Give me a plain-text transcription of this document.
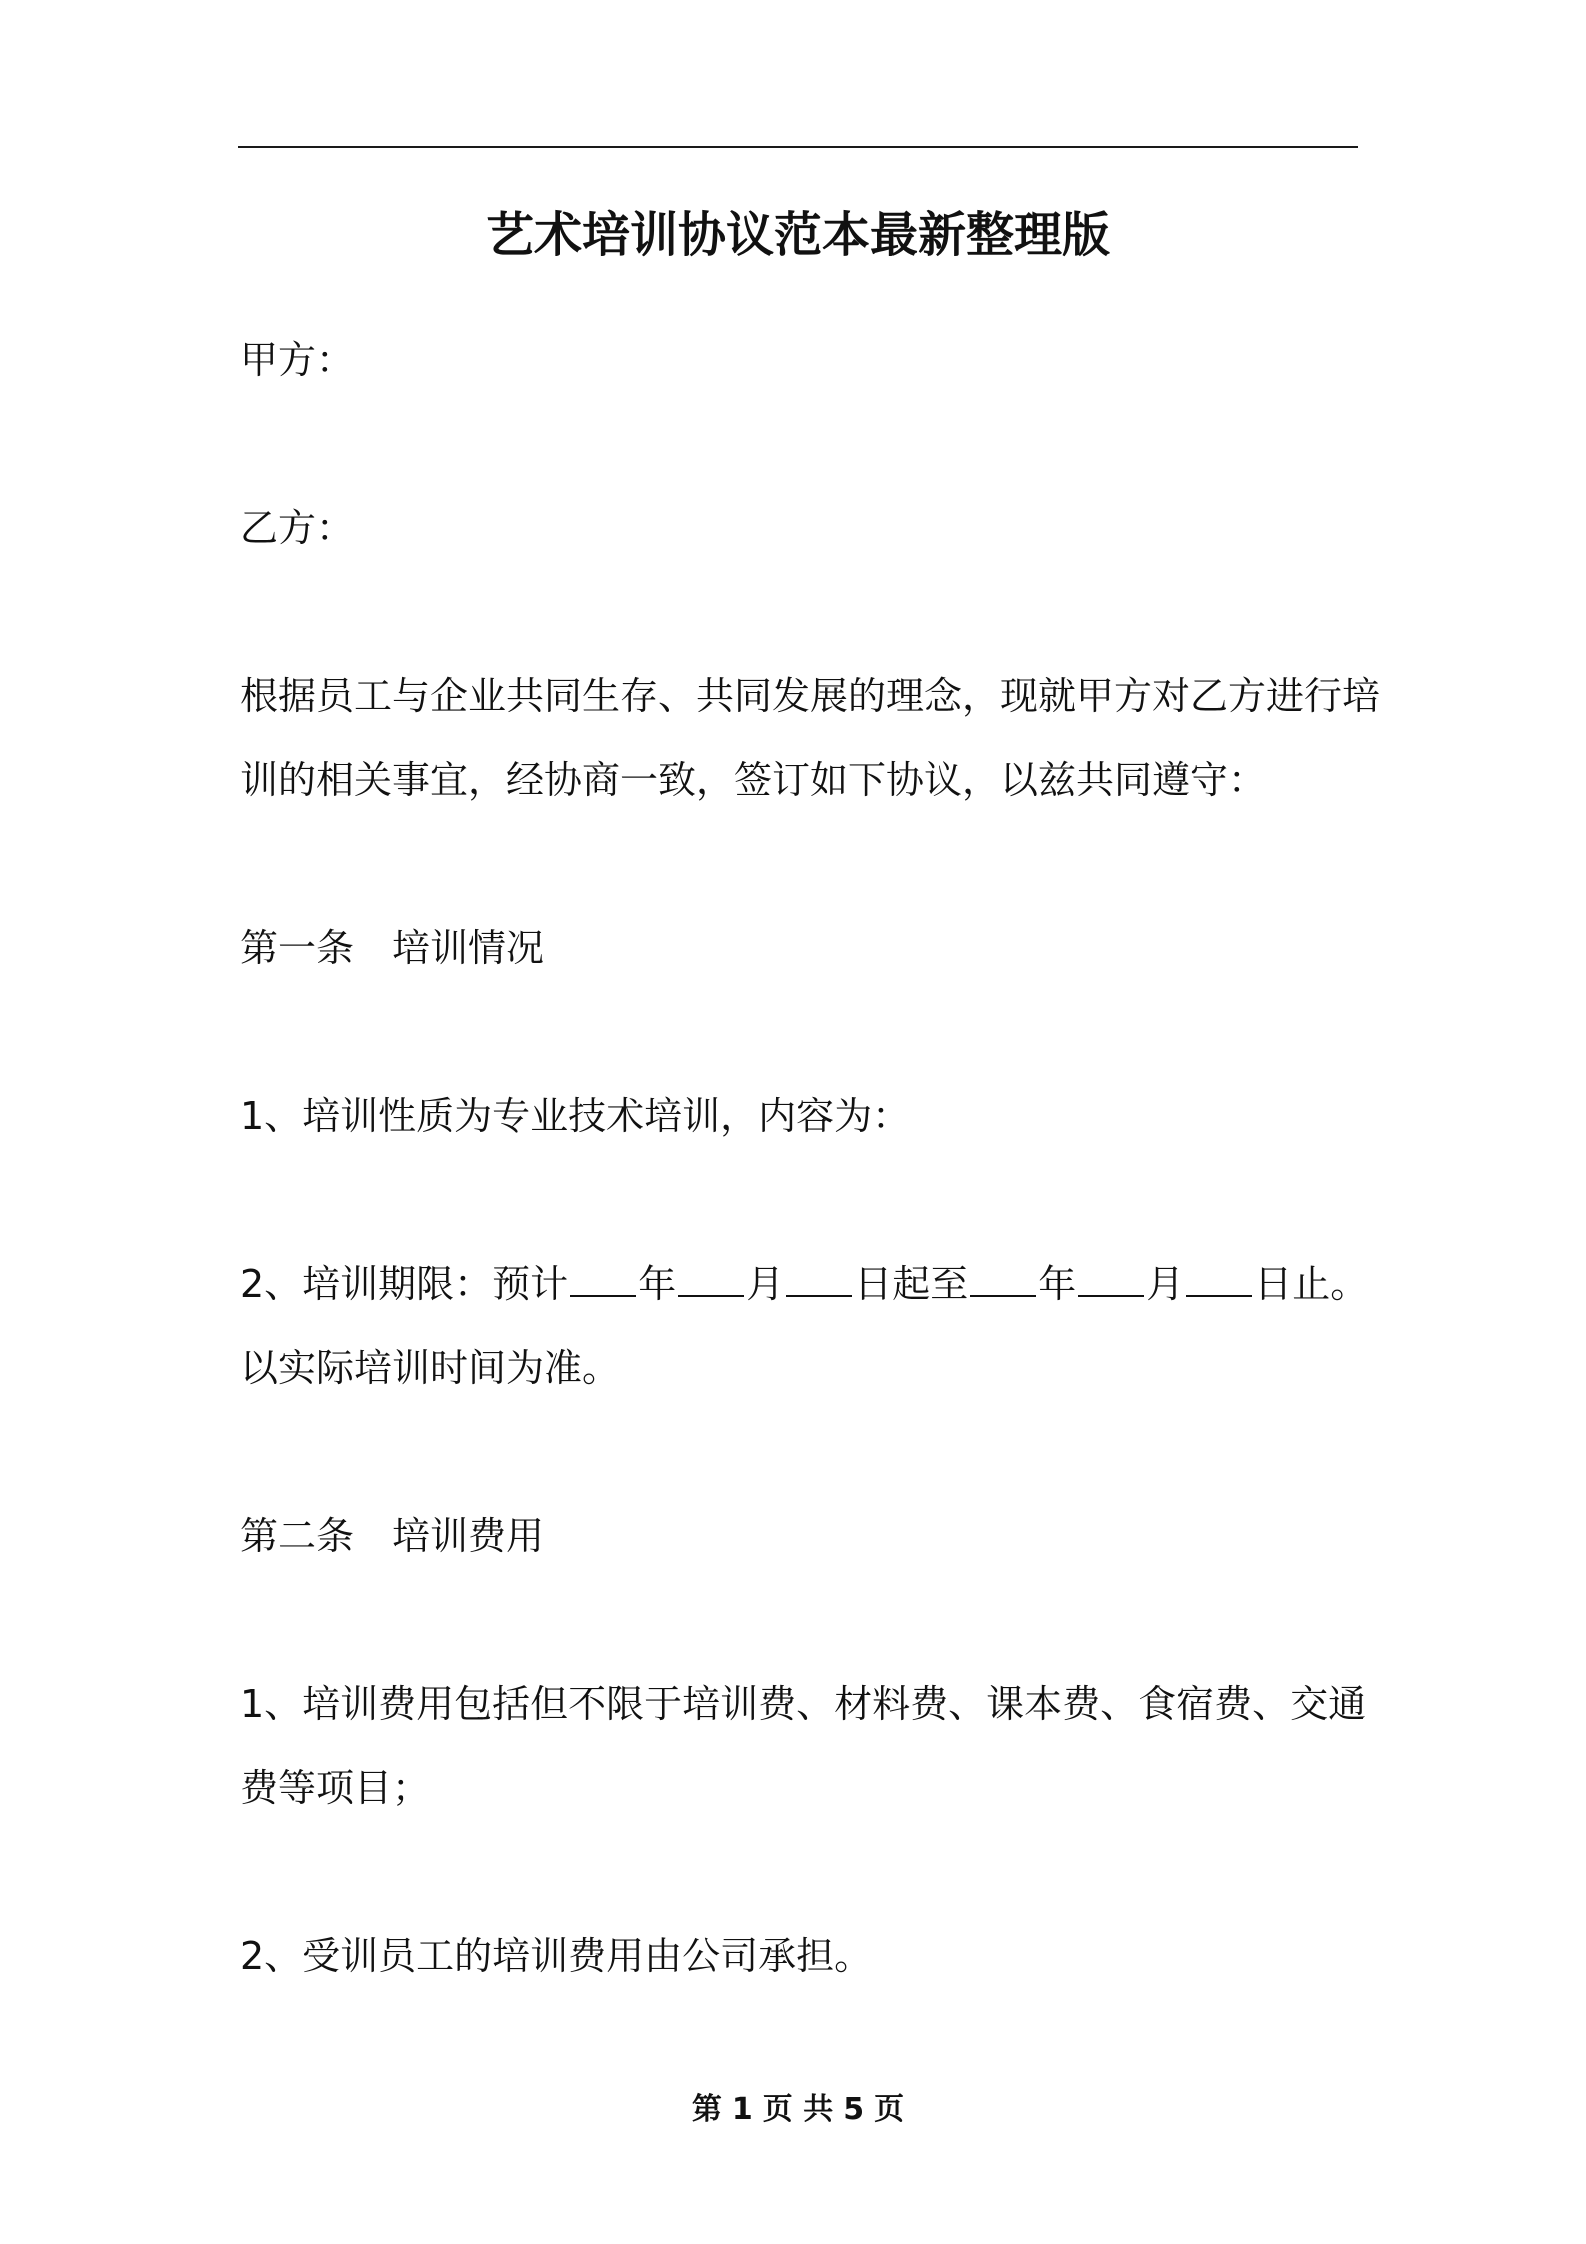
艺术培训协议范本最新整理版
甲方：
乙方：
根据员工与企业共同生存、共同发展的理念，现就甲方对乙方进行培
训的相关事宜，经协商一致，签订如下协议，以兹共同遵守：
第一条　培训情况
1、培训性质为专业技术培训，内容为：
2、培训期限：预计 年 月 日起至 年 月 日止。
以实际培训时间为准。
第二条　培训费用
1、培训费用包括但不限于培训费、材料费、课本费、食宿费、交通
费等项目；
2、受训员工的培训费用由公司承担。
第 1 页 共 5 页
